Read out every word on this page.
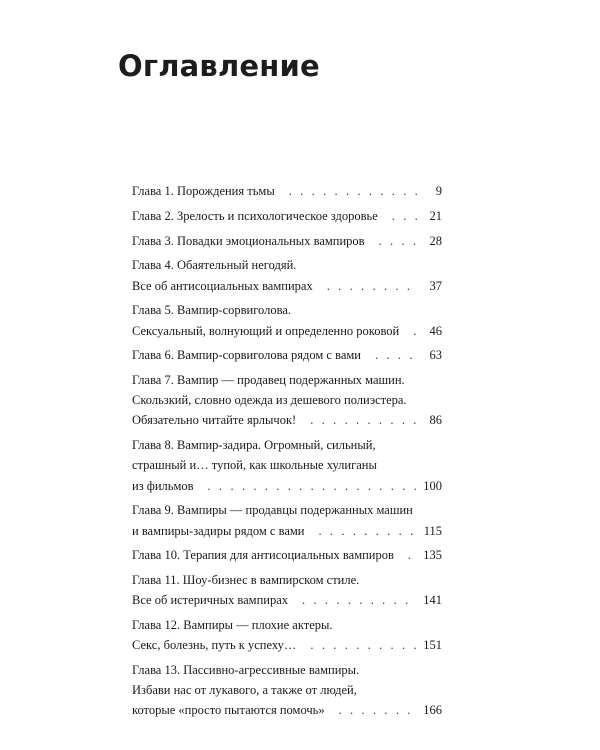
Оглавление
Глава 1. Порождения тьмы . . .	9
Глава 2. Зрелость и психологическое здоровье . . .	21
Глава 3. Повадки эмоциональных вампиров . . .	28
Глава 4. Обаятельный негодяй.
Все об антисоциальных вампирах . . .	37
Глава 5. Вампир-сорвиголова.
Сексуальный, волнующий и определенно роковой . . .	46
Глава 6. Вампир-сорвиголова рядом с вами . . .	63
Глава 7. Вампир — продавец подержанных машин.
Скользкий, словно одежда из дешевого полиэстера.
Обязательно читайте ярлычок! . . .	86
Глава 8. Вампир-задира. Огромный, сильный,
страшный и… тупой, как школьные хулиганы
из фильмов . . .	100
Глава 9. Вампиры — продавцы подержанных машин
и вампиры-задиры рядом с вами . . .	115
Глава 10. Терапия для антисоциальных вампиров . . . 135
Глава 11. Шоу-бизнес в вампирском стиле.
Все об истеричных вампирах . . .	141
Глава 12. Вампиры — плохие актеры.
Секс, болезнь, путь к успеху… . . .	151
Глава 13. Пассивно-агрессивные вампиры.
Избави нас от лукавого, а также от людей,
которые «просто пытаются помочь» . . .	166
